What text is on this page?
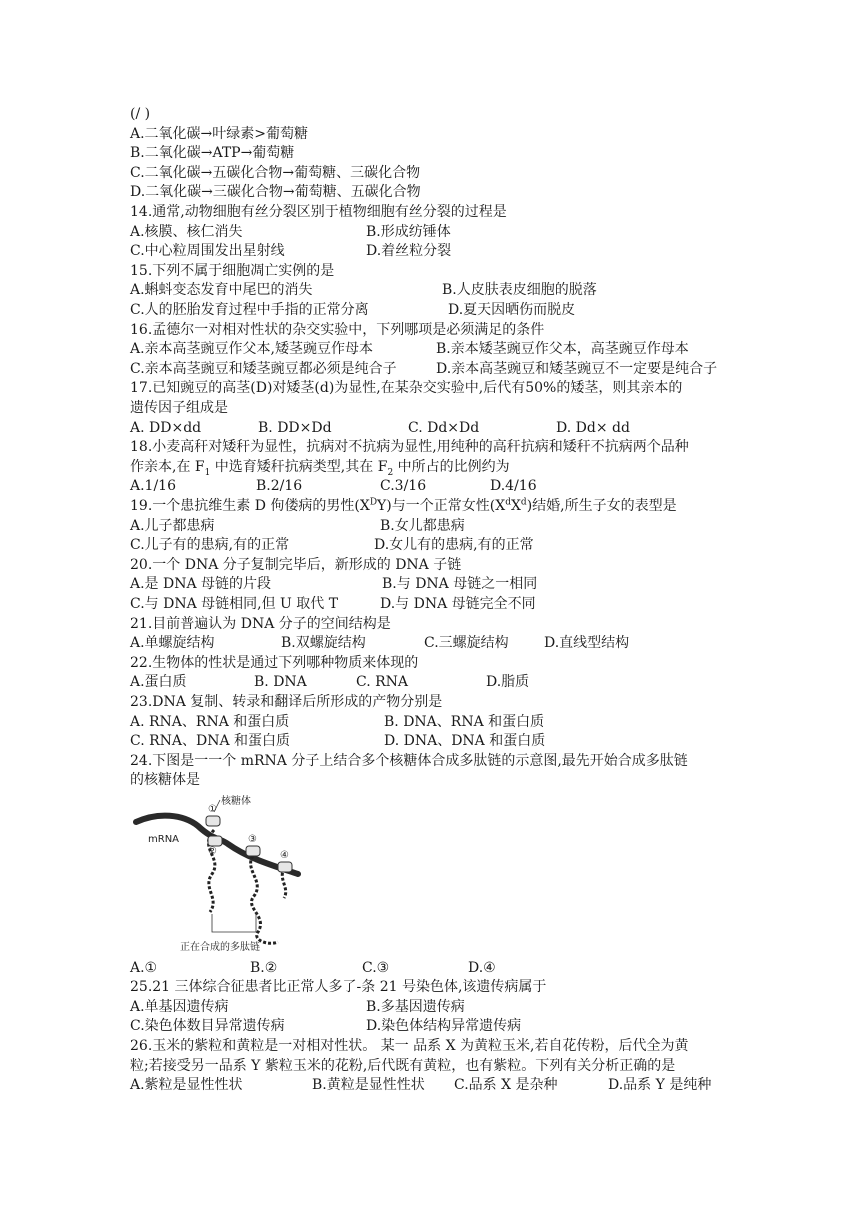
(/ )
A.二氧化碳→叶绿素>葡萄糖
B.二氧化碳→ATP→葡萄糖
C.二氧化碳→五碳化合物→葡萄糖、三碳化合物
D.二氧化碳→三碳化合物→葡萄糖、五碳化合物
14.通常,动物细胞有丝分裂区别于植物细胞有丝分裂的过程是
A.核膜、核仁消失	B.形成纺锤体
C.中心粒周围发出星射线	D.着丝粒分裂
15.下列不属于细胞凋亡实例的是
A.蝌蚪变态发育中尾巴的消失	B.人皮肤表皮细胞的脱落
C.人的胚胎发育过程中手指的正常分离	D.夏天因晒伤而脱皮
16.孟德尔一对相对性状的杂交实验中，下列哪项是必须满足的条件
A.亲本高茎豌豆作父本,矮茎豌豆作母本	B.亲本矮茎豌豆作父本，高茎豌豆作母本
C.亲本高茎豌豆和矮茎豌豆都必须是纯合子	D.亲本高茎豌豆和矮茎豌豆不一定要是纯合子
17.已知豌豆的高茎(D)对矮茎(d)为显性,在某杂交实验中,后代有50%的矮茎，则其亲本的
遗传因子组成是
A. DD×dd	B. DD×Dd	C. Dd×Dd	D. Dd× dd
18.小麦高秆对矮秆为显性，抗病对不抗病为显性,用纯种的高秆抗病和矮秆不抗病两个品种
作亲本,在 $F_1$ 中选育矮秆抗病类型,其在 $F_2$ 中所占的比例约为
A.1/16	B.2/16	C.3/16	D.4/16
19.一个患抗维生素 D 佝偻病的男性$(X^DY)$与一个正常女性$(X^dX^d)$结婚,所生子女的表型是
A.儿子都患病	B.女儿都患病
C.儿子有的患病,有的正常	D.女儿有的患病,有的正常
20.一个 DNA 分子复制完毕后，新形成的 DNA 子链
A.是 DNA 母链的片段	B.与 DNA 母链之一相同
C.与 DNA 母链相同,但 U 取代 T	D.与 DNA 母链完全不同
21.目前普遍认为 DNA 分子的空间结构是
A.单螺旋结构	B.双螺旋结构	C.三螺旋结构	D.直线型结构
22.生物体的性状是通过下列哪种物质来体现的
A.蛋白质	B. DNA	C. RNA	D.脂质
23.DNA 复制、转录和翻译后所形成的产物分别是
A. RNA、RNA 和蛋白质	B. DNA、RNA 和蛋白质
C. RNA、DNA 和蛋白质	D. DNA、DNA 和蛋白质
24.下图是一一个 mRNA 分子上结合多个核糖体合成多肽链的示意图,最先开始合成多肽链
的核糖体是
核糖体
mRNA
①
②
③
④
正在合成的多肽链
A.①	B.②	C.③	D.④
25.21 三体综合征患者比正常人多了-条 21 号染色体,该遗传病属于
A.单基因遗传病	B.多基因遗传病
C.染色体数目异常遗传病	D.染色体结构异常遗传病
26.玉米的紫粒和黄粒是一对相对性状。 某一 品系 X 为黄粒玉米,若自花传粉，后代全为黄
粒;若接受另一品系 Y 紫粒玉米的花粉,后代既有黄粒，也有紫粒。下列有关分析正确的是
A.紫粒是显性性状	B.黄粒是显性性状 C.品系 X 是杂种	D.品系 Y 是纯种
